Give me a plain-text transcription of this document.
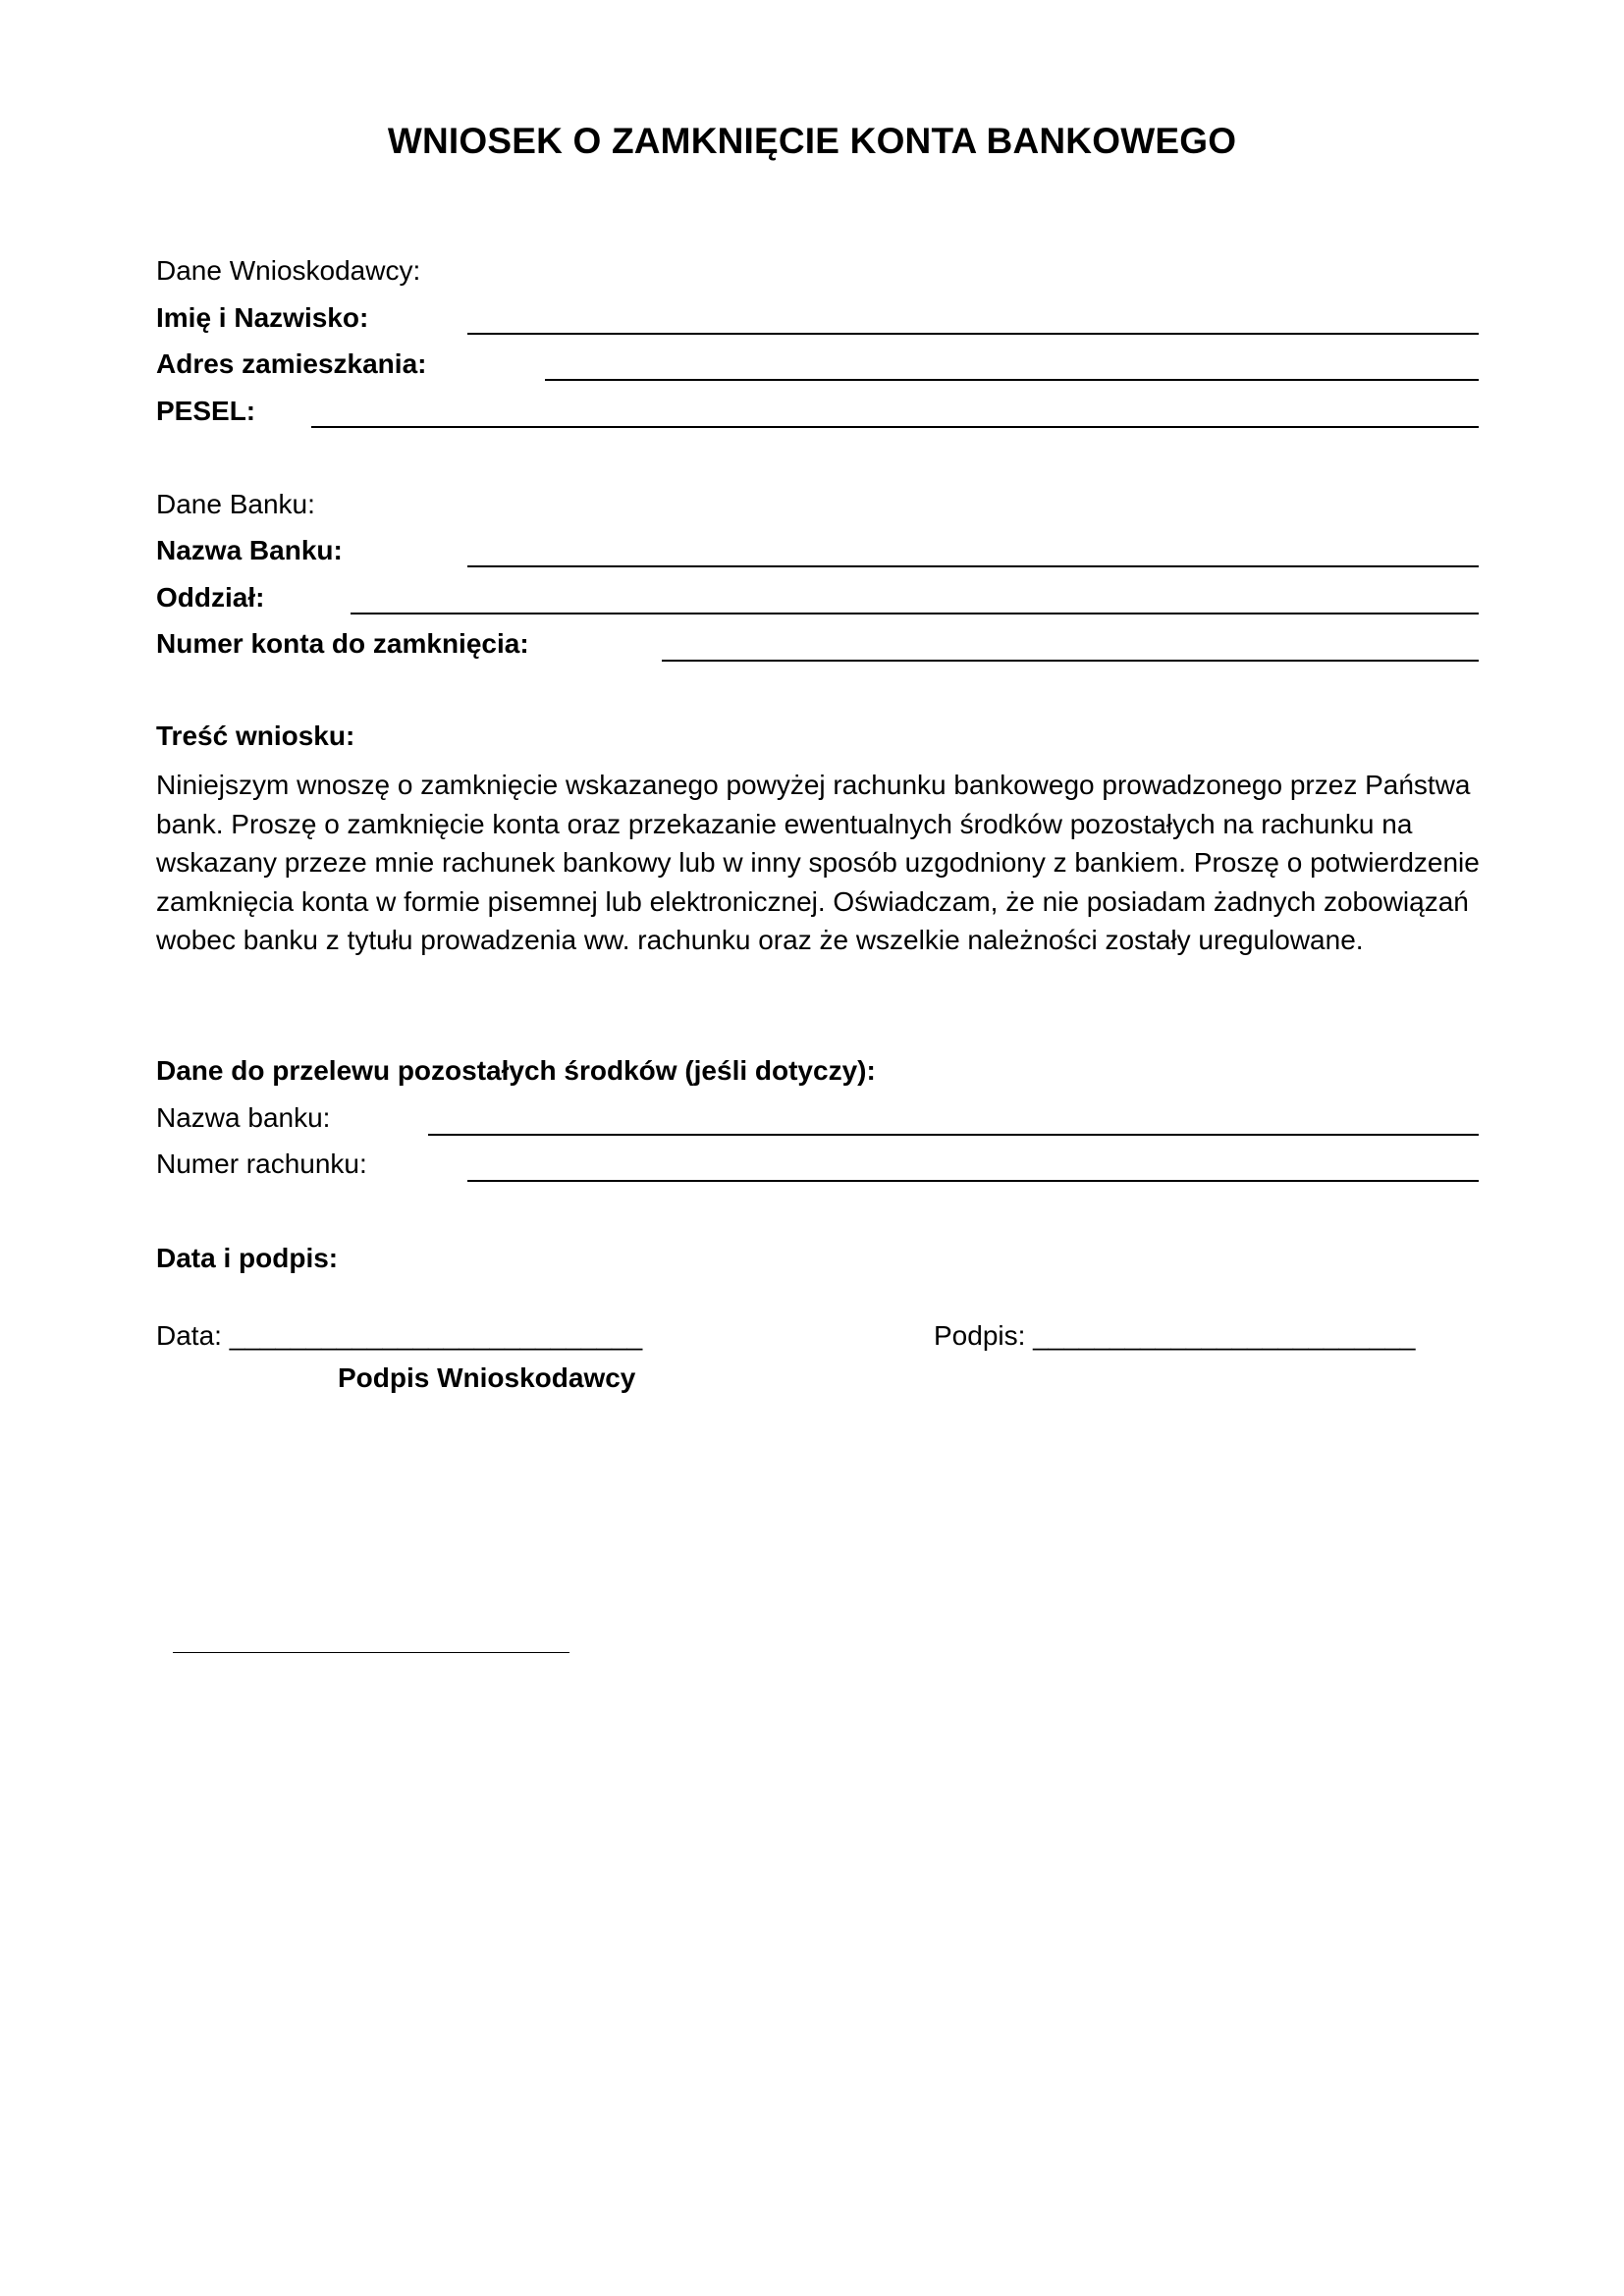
WNIOSEK O ZAMKNIĘCIE KONTA BANKOWEGO
Dane Wnioskodawcy:
Imię i Nazwisko:
Adres zamieszkania:
PESEL:
Dane Banku:
Nazwa Banku:
Oddział:
Numer konta do zamknięcia:
Treść wniosku:
Niniejszym wnoszę o zamknięcie wskazanego powyżej rachunku bankowego prowadzonego przez Państwa
bank. Proszę o zamknięcie konta oraz przekazanie ewentualnych środków pozostałych na rachunku na
wskazany przeze mnie rachunek bankowy lub w inny sposób uzgodniony z bankiem. Proszę o potwierdzenie
zamknięcia konta w formie pisemnej lub elektronicznej. Oświadczam, że nie posiadam żadnych zobowiązań
wobec banku z tytułu prowadzenia ww. rachunku oraz że wszelkie należności zostały uregulowane.
Dane do przelewu pozostałych środków (jeśli dotyczy):
Nazwa banku:
Numer rachunku:
Data i podpis:
Data: ___________________________	Podpis: _________________________
Podpis Wnioskodawcy
